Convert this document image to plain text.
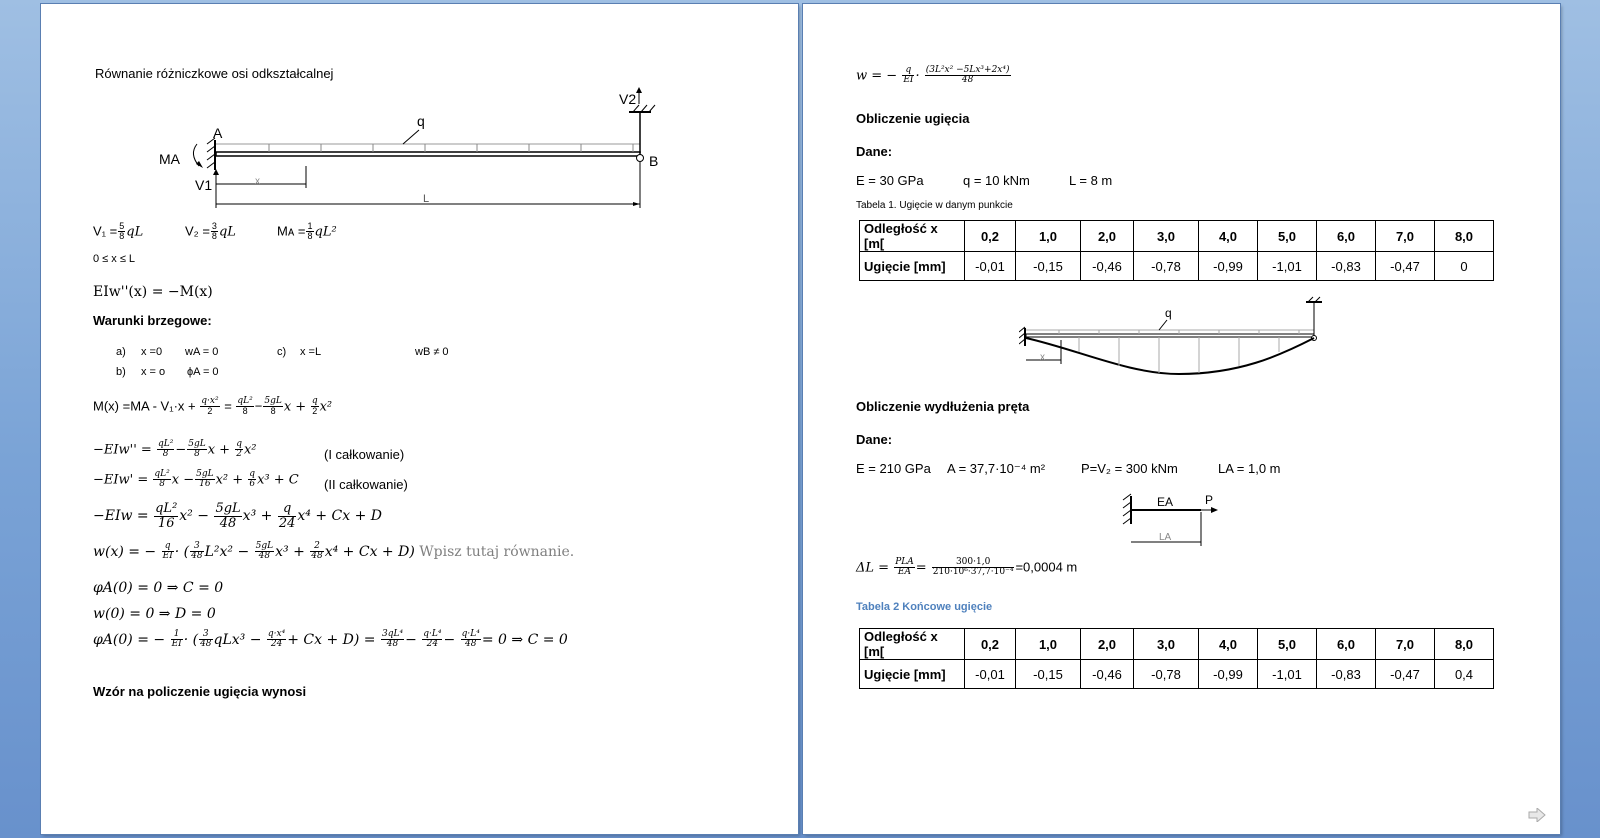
Równanie różniczkowe osi odkształcalnej
q
V2
A
B
MA
V1	x
L
$V_1 = \frac{5}{8}$ qL	$V_2 = \frac{3}{8}$ qL	Mᴀ = $\frac{1}{8} qL^2$
0 ≤ x ≤ L
EIw''(x) = −M(x)
Warunki brzegowe:
a) x =0 wA = 0	c) x =L	wB ≠ 0
b) x = o ϕA = 0
$M(x) =MA - V_1\cdot x + \frac{\text{q·x²}}{2} = \frac{\text{qL²}}{8} - \frac{5gL}{8}$ $x + \frac{q}{2} x^2$
$-EIw'' = \frac{\text{qL²}}{8} - \frac{5gL}{8}$ $x + \frac{q}{2} x^2$	(I całkowanie)
$-EIw' = \frac{\text{qL²}}{8}$ $x - \frac{5gL}{16} x^2 + \frac{q}{6} x^3 + C$ (II całkowanie)
$-EIw = \frac{\text{qL²}}{16} x^2 - \frac{5gL}{48} x^3 + \frac{q}{24} x^4 + Cx + D$
w(x) = − $\frac{q}{EI}$ · ( $\frac{3}{48} L^2x^2 - \frac{5gL}{48} x^3 + \frac{2}{48} x^4 + Cx + D$) Wpisz tutaj równanie.
φA(0) = 0 ⇒ C = 0
w(0) = 0 ⇒ D = 0
φA(0) = − $\frac{1}{EI}$ · ( $\frac{3}{48} qLx^3 - \frac{\text{q·x⁴}}{24} + Cx + D) = \frac{\text{3qL⁴}}{48} - \frac{\text{q·L⁴}}{24} - \frac{\text{q·L⁴}}{48} = 0$ ⇒ C = 0
Wzór na policzenie ugięcia wynosi
w = − $\frac{q}{EI} \cdot \frac{\text{(3L²x² −5Lx³+2x⁴)}}{48}$
Obliczenie ugięcia
Dane:
E = 30 GPa	q = 10 kNm	L = 8 m
Tabela 1. Ugięcie w danym punkcie
Odległość x [m[	0,2	1,0	2,0	3,0	4,0	5,0	6,0	7,0	8,0
Ugięcie [mm]	-0,01	-0,15	-0,46	-0,78	-0,99	-1,01	-0,83	-0,47	0
q
x
Obliczenie wydłużenia pręta
Dane:
E = 210 GPa A = 37,7·10⁻⁴ m²	P=V₂ = 300 kNm	LA = 1,0 m
EA	P
LA
$\Delta L = \frac{\text{PLA}}{EA} = \frac{300\cdot 1,0}{\text{210·10⁶·37,7·10⁻⁴}} =0,0004$ m
Tabela 2 Końcowe ugięcie
Odległość x [m[	0,2	1,0	2,0	3,0	4,0	5,0	6,0	7,0	8,0
Ugięcie [mm]	-0,01	-0,15	-0,46	-0,78	-0,99	-1,01	-0,83	-0,47	0,4
